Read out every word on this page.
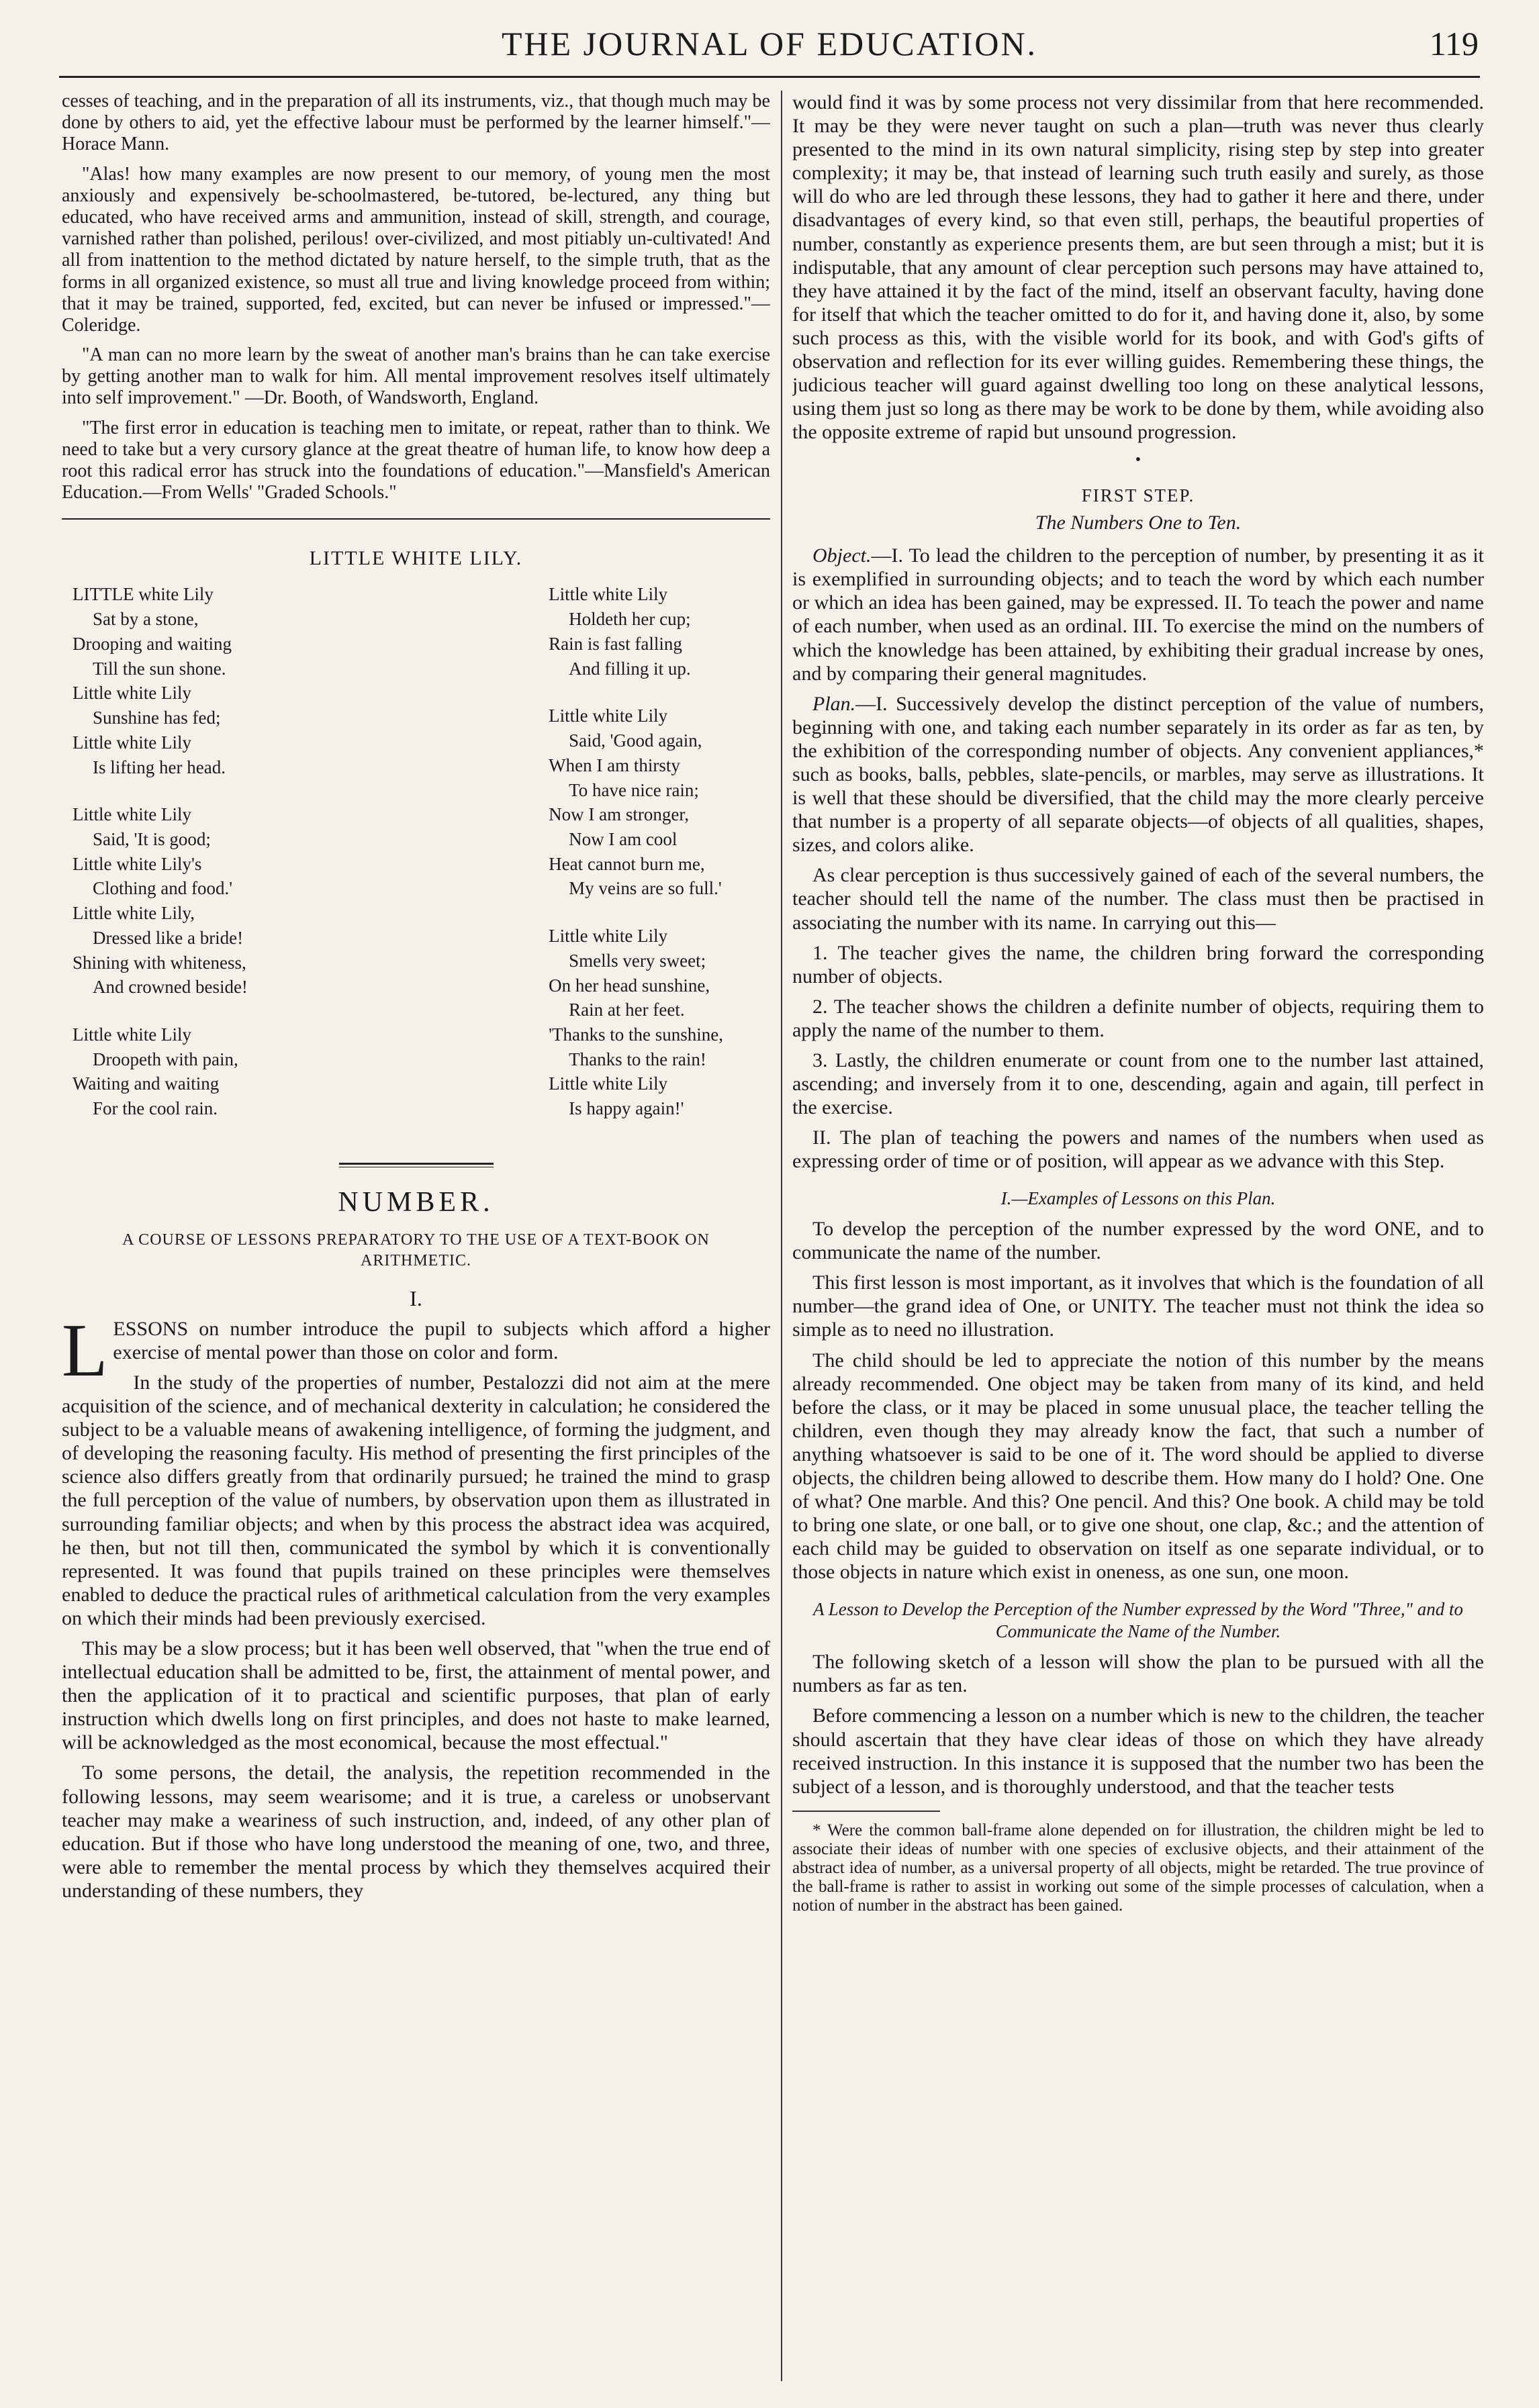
THE JOURNAL OF EDUCATION.	119

cesses of teaching, and in the preparation of all its instruments, viz., that though much may be done by others to aid, yet the effective labour must be performed by the learner himself."—Horace Mann.

"Alas! how many examples are now present to our memory, of young men the most anxiously and expensively be-schoolmastered, be-tutored, be-lectured, any thing but educated, who have received arms and ammunition, instead of skill, strength, and courage, varnished rather than polished, perilous! over-civilized, and most pitiably un-cultivated! And all from inattention to the method dictated by nature herself, to the simple truth, that as the forms in all organized existence, so must all true and living knowledge proceed from within; that it may be trained, supported, fed, excited, but can never be infused or impressed."—Coleridge.

"A man can no more learn by the sweat of another man's brains than he can take exercise by getting another man to walk for him. All mental improvement resolves itself ultimately into self improvement." —Dr. Booth, of Wandsworth, England.

"The first error in education is teaching men to imitate, or repeat, rather than to think. We need to take but a very cursory glance at the great theatre of human life, to know how deep a root this radical error has struck into the foundations of education."—Mansfield's American Education.—From Wells' "Graded Schools."

LITTLE WHITE LILY.
LITTLE white Lily
Sat by a stone,
Drooping and waiting
Till the sun shone.
Little white Lily
Sunshine has fed;
Little white Lily
Is lifting her head.
Little white Lily
Said, 'It is good;
Little white Lily's
Clothing and food.'
Little white Lily,
Dressed like a bride!
Shining with whiteness,
And crowned beside!
Little white Lily
Droopeth with pain,
Waiting and waiting
For the cool rain.
Little white Lily
Holdeth her cup;
Rain is fast falling
And filling it up.
Little white Lily
Said, 'Good again,
When I am thirsty
To have nice rain;
Now I am stronger,
Now I am cool
Heat cannot burn me,
My veins are so full.'
Little white Lily
Smells very sweet;
On her head sunshine,
Rain at her feet.
'Thanks to the sunshine,
Thanks to the rain!
Little white Lily
Is happy again!'
NUMBER.
A COURSE OF LESSONS PREPARATORY TO THE USE OF A TEXT-BOOK ON ARITHMETIC.
I.

LESSONS on number introduce the pupil to subjects which afford a higher exercise of mental power than those on color and form.

In the study of the properties of number, Pestalozzi did not aim at the mere acquisition of the science, and of mechanical dexterity in calculation; he considered the subject to be a valuable means of awakening intelligence, of forming the judgment, and of developing the reasoning faculty. His method of presenting the first principles of the science also differs greatly from that ordinarily pursued; he trained the mind to grasp the full perception of the value of numbers, by observation upon them as illustrated in surrounding familiar objects; and when by this process the abstract idea was acquired, he then, but not till then, communicated the symbol by which it is conventionally represented. It was found that pupils trained on these principles were themselves enabled to deduce the practical rules of arithmetical calculation from the very examples on which their minds had been previously exercised.

This may be a slow process; but it has been well observed, that "when the true end of intellectual education shall be admitted to be, first, the attainment of mental power, and then the application of it to practical and scientific purposes, that plan of early instruction which dwells long on first principles, and does not haste to make learned, will be acknowledged as the most economical, because the most effectual."

To some persons, the detail, the analysis, the repetition recommended in the following lessons, may seem wearisome; and it is true, a careless or unobservant teacher may make a weariness of such instruction, and, indeed, of any other plan of education. But if those who have long understood the meaning of one, two, and three, were able to remember the mental process by which they themselves acquired their understanding of these numbers, they

would find it was by some process not very dissimilar from that here recommended. It may be they were never taught on such a plan—truth was never thus clearly presented to the mind in its own natural simplicity, rising step by step into greater complexity; it may be, that instead of learning such truth easily and surely, as those will do who are led through these lessons, they had to gather it here and there, under disadvantages of every kind, so that even still, perhaps, the beautiful properties of number, constantly as experience presents them, are but seen through a mist; but it is indisputable, that any amount of clear perception such persons may have attained to, they have attained it by the fact of the mind, itself an observant faculty, having done for itself that which the teacher omitted to do for it, and having done it, also, by some such process as this, with the visible world for its book, and with God's gifts of observation and reflection for its ever willing guides. Remembering these things, the judicious teacher will guard against dwelling too long on these analytical lessons, using them just so long as there may be work to be done by them, while avoiding also the opposite extreme of rapid but unsound progression.

•
FIRST STEP.
The Numbers One to Ten.

Object.—I. To lead the children to the perception of number, by presenting it as it is exemplified in surrounding objects; and to teach the word by which each number or which an idea has been gained, may be expressed. II. To teach the power and name of each number, when used as an ordinal. III. To exercise the mind on the numbers of which the knowledge has been attained, by exhibiting their gradual increase by ones, and by comparing their general magnitudes.

Plan.—I. Successively develop the distinct perception of the value of numbers, beginning with one, and taking each number separately in its order as far as ten, by the exhibition of the corresponding number of objects. Any convenient appliances,* such as books, balls, pebbles, slate-pencils, or marbles, may serve as illustrations. It is well that these should be diversified, that the child may the more clearly perceive that number is a property of all separate objects—of objects of all qualities, shapes, sizes, and colors alike.

As clear perception is thus successively gained of each of the several numbers, the teacher should tell the name of the number. The class must then be practised in associating the number with its name. In carrying out this—

1. The teacher gives the name, the children bring forward the corresponding number of objects.

2. The teacher shows the children a definite number of objects, requiring them to apply the name of the number to them.

3. Lastly, the children enumerate or count from one to the number last attained, ascending; and inversely from it to one, descending, again and again, till perfect in the exercise.

II. The plan of teaching the powers and names of the numbers when used as expressing order of time or of position, will appear as we advance with this Step.

I.—Examples of Lessons on this Plan.

To develop the perception of the number expressed by the word ONE, and to communicate the name of the number.

This first lesson is most important, as it involves that which is the foundation of all number—the grand idea of One, or UNITY. The teacher must not think the idea so simple as to need no illustration.

The child should be led to appreciate the notion of this number by the means already recommended. One object may be taken from many of its kind, and held before the class, or it may be placed in some unusual place, the teacher telling the children, even though they may already know the fact, that such a number of anything whatsoever is said to be one of it. The word should be applied to diverse objects, the children being allowed to describe them. How many do I hold? One. One of what? One marble. And this? One pencil. And this? One book. A child may be told to bring one slate, or one ball, or to give one shout, one clap, &c.; and the attention of each child may be guided to observation on itself as one separate individual, or to those objects in nature which exist in oneness, as one sun, one moon.

A Lesson to Develop the Perception of the Number expressed by the Word "Three," and to Communicate the Name of the Number.

The following sketch of a lesson will show the plan to be pursued with all the numbers as far as ten.

Before commencing a lesson on a number which is new to the children, the teacher should ascertain that they have clear ideas of those on which they have already received instruction. In this instance it is supposed that the number two has been the subject of a lesson, and is thoroughly understood, and that the teacher tests

* Were the common ball-frame alone depended on for illustration, the children might be led to associate their ideas of number with one species of exclusive objects, and their attainment of the abstract idea of number, as a universal property of all objects, might be retarded. The true province of the ball-frame is rather to assist in working out some of the simple processes of calculation, when a notion of number in the abstract has been gained.
